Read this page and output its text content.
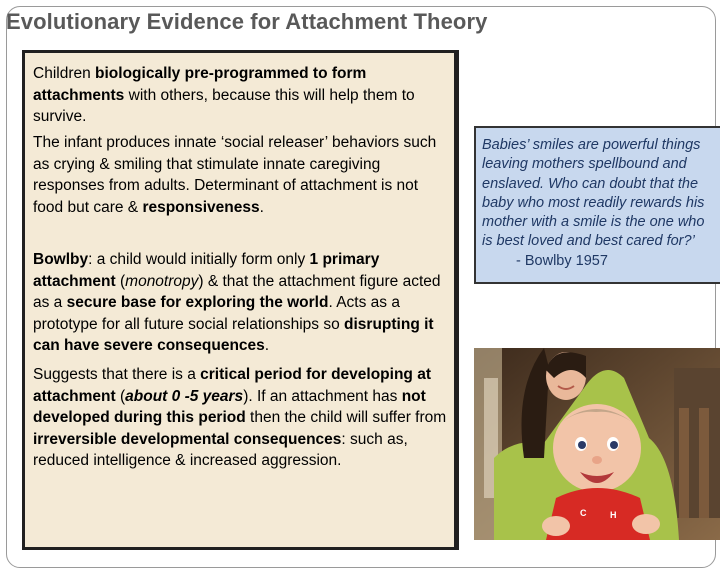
Evolutionary Evidence for Attachment Theory
Children biologically pre-programmed to form attachments with others, because this will help them to survive.
The infant produces innate ‘social releaser’ behaviors such as crying & smiling that stimulate innate caregiving responses from adults. Determinant of attachment is not food but care & responsiveness.
Bowlby: a child would initially form only 1 primary attachment (monotropy) & that the attachment figure acted as a secure base for exploring the world. Acts as a prototype for all future social relationships so disrupting it can have severe consequences.
Suggests that there is a critical period for developing at attachment (about 0 -5 years). If an attachment has not developed during this period then the child will suffer from irreversible developmental consequences: such as, reduced intelligence & increased aggression.
Babies’ smiles are powerful things leaving mothers spellbound and enslaved. Who can doubt that the baby who most readily rewards his mother with a smile is the one who is best loved and best cared for?’
- Bowlby 1957
C	H
